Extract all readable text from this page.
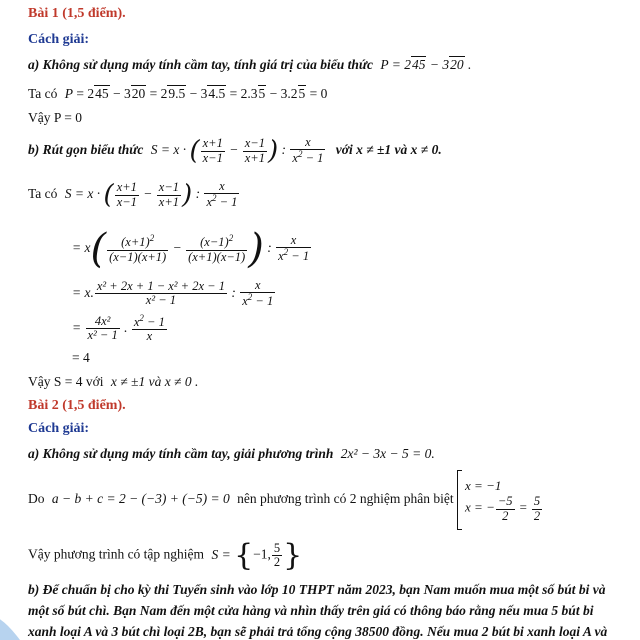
Bài 1 (1,5 điểm).
Cách giải:
a) Không sử dụng máy tính cầm tay, tính giá trị của biểu thức P = 245 − 320 .
Ta có P = 245 − 320 = 29.5 − 34.5 = 2.35 − 3.25 = 0
Vậy P = 0
b) Rút gọn biểu thức S = x · ( $\frac{x+1}{x-1} - \frac{x-1}{x+1}$ ) : $\frac{x}{x^2 - 1}$ với x ≠ ±1 và x ≠ 0.
Ta có S = x · ( $\frac{x+1}{x-1} - \frac{x-1}{x+1}$ ) : $\frac{x}{x^2 - 1}$
= $x( \frac{(x+1)^2}{(x-1)(x+1)} - \frac{(x-1)^2}{(x+1)(x-1)}$ ) : $\frac{x}{x^2 - 1}$
= x. $\frac{\text{x² + 2x + 1 − x² + 2x − 1}}{\text{x² − 1}}$ : $\frac{x}{x^2 - 1}$
= $\frac{\text{4x²}}{\text{x² − 1}}$ . $\frac{x^2 - 1}{x}$
= 4
Vậy S = 4 với x ≠ ±1 và x ≠ 0 .
Bài 2 (1,5 điểm).
Cách giải:
a) Không sử dụng máy tính cầm tay, giải phương trình 2x² − 3x − 5 = 0.
Do a − b + c = 2 − (−3) + (−5) = 0 nên phương trình có 2 nghiệm phân biệt
x = −1
x = − $\frac{-5}{2} = \frac{5}{2}$
Vậy phương trình có tập nghiệm S = {−1, $\frac{5}{2}$ }
b) Để chuẩn bị cho kỳ thi Tuyển sinh vào lớp 10 THPT năm 2023, bạn Nam muốn mua một số bút bi và
một số bút chì. Bạn Nam đến một cửa hàng và nhìn thấy trên giá có thông báo rằng nếu mua 5 bút bi
xanh loại A và 3 bút chì loại 2B, bạn sẽ phải trả tổng cộng 38500 đồng. Nếu mua 2 bút bi xanh loại A và
